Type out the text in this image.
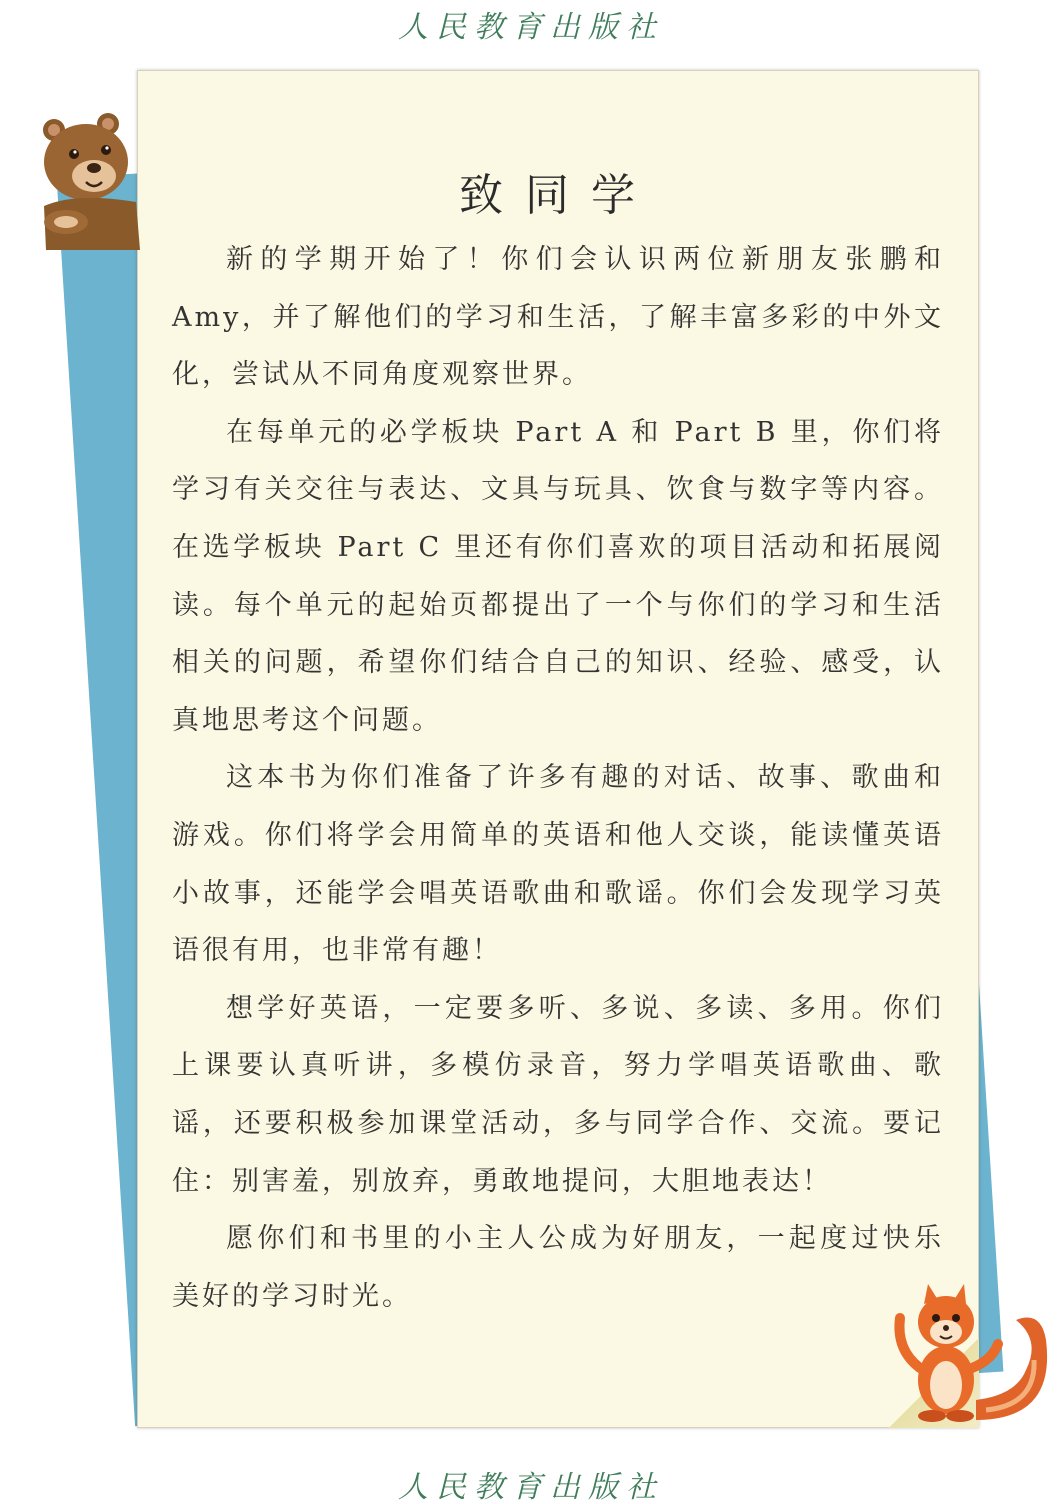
人民教育出版社
致同学

新的学期开始了！你们会认识两位新朋友张鹏和Amy，并了解他们的学习和生活，了解丰富多彩的中外文化，尝试从不同角度观察世界。

在每单元的必学板块 Part A 和 Part B 里，你们将学习有关交往与表达、文具与玩具、饮食与数字等内容。在选学板块 Part C 里还有你们喜欢的项目活动和拓展阅读。每个单元的起始页都提出了一个与你们的学习和生活相关的问题，希望你们结合自己的知识、经验、感受，认真地思考这个问题。

这本书为你们准备了许多有趣的对话、故事、歌曲和游戏。你们将学会用简单的英语和他人交谈，能读懂英语小故事，还能学会唱英语歌曲和歌谣。你们会发现学习英语很有用，也非常有趣！

想学好英语，一定要多听、多说、多读、多用。你们上课要认真听讲，多模仿录音，努力学唱英语歌曲、歌谣，还要积极参加课堂活动，多与同学合作、交流。要记住：别害羞，别放弃，勇敢地提问，大胆地表达！

愿你们和书里的小主人公成为好朋友，一起度过快乐美好的学习时光。

人民教育出版社
